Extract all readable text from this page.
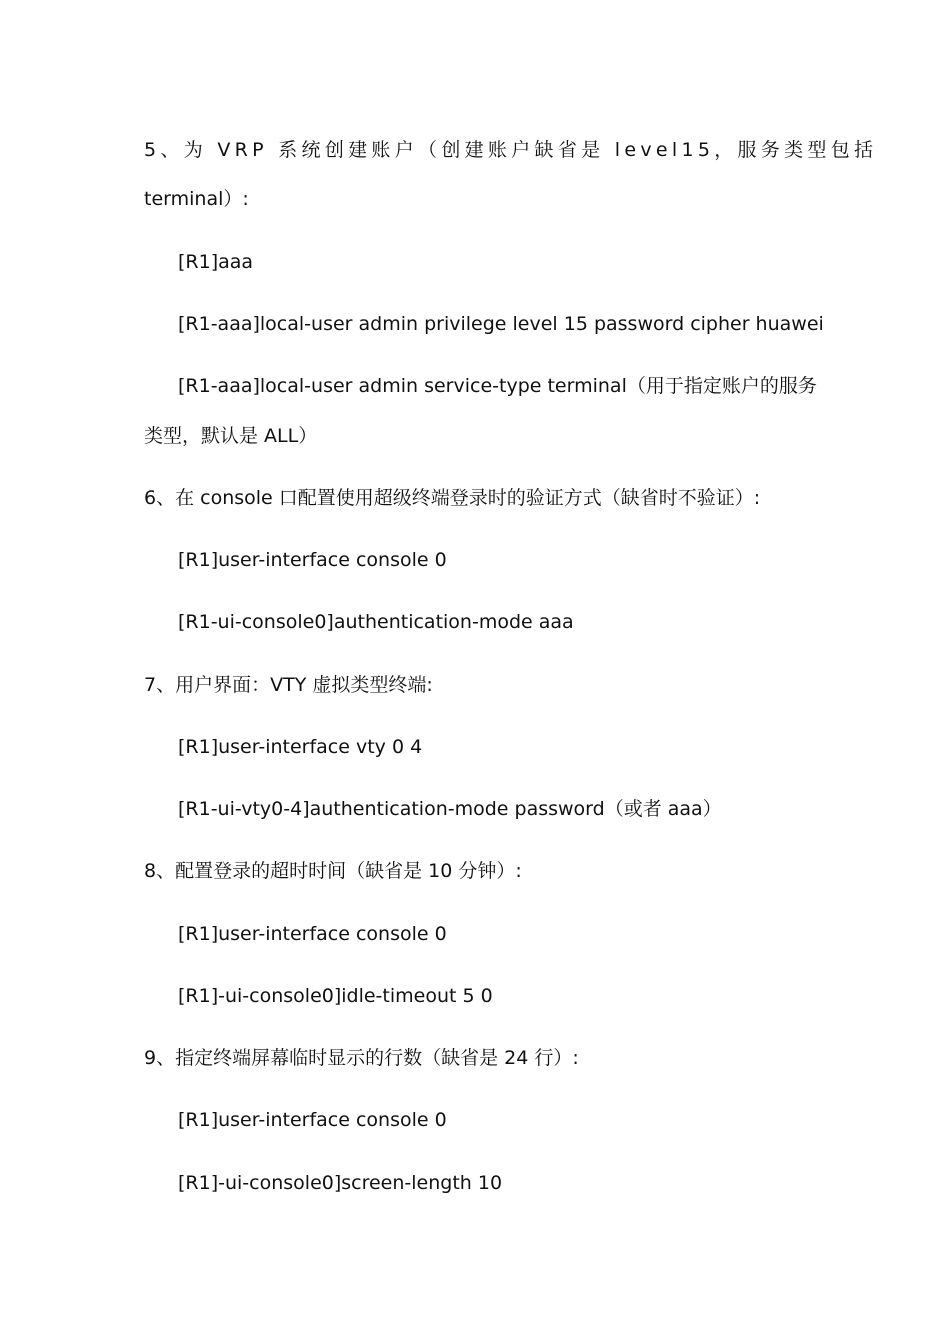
5、为 VRP 系统创建账户（创建账户缺省是 level15，服务类型包括
terminal）:
[R1]aaa
[R1-aaa]local-user admin privilege level 15 password cipher huawei
[R1-aaa]local-user admin service-type terminal（用于指定账户的服务
类型，默认是 ALL）
6、在 console 口配置使用超级终端登录时的验证方式（缺省时不验证）:
[R1]user-interface console 0
[R1-ui-console0]authentication-mode aaa
7、用户界面：VTY 虚拟类型终端:
[R1]user-interface vty 0 4
[R1-ui-vty0-4]authentication-mode password（或者 aaa）
8、配置登录的超时时间（缺省是 10 分钟）:
[R1]user-interface console 0
[R1]-ui-console0]idle-timeout 5 0
9、指定终端屏幕临时显示的行数（缺省是 24 行）:
[R1]user-interface console 0
[R1]-ui-console0]screen-length 10
